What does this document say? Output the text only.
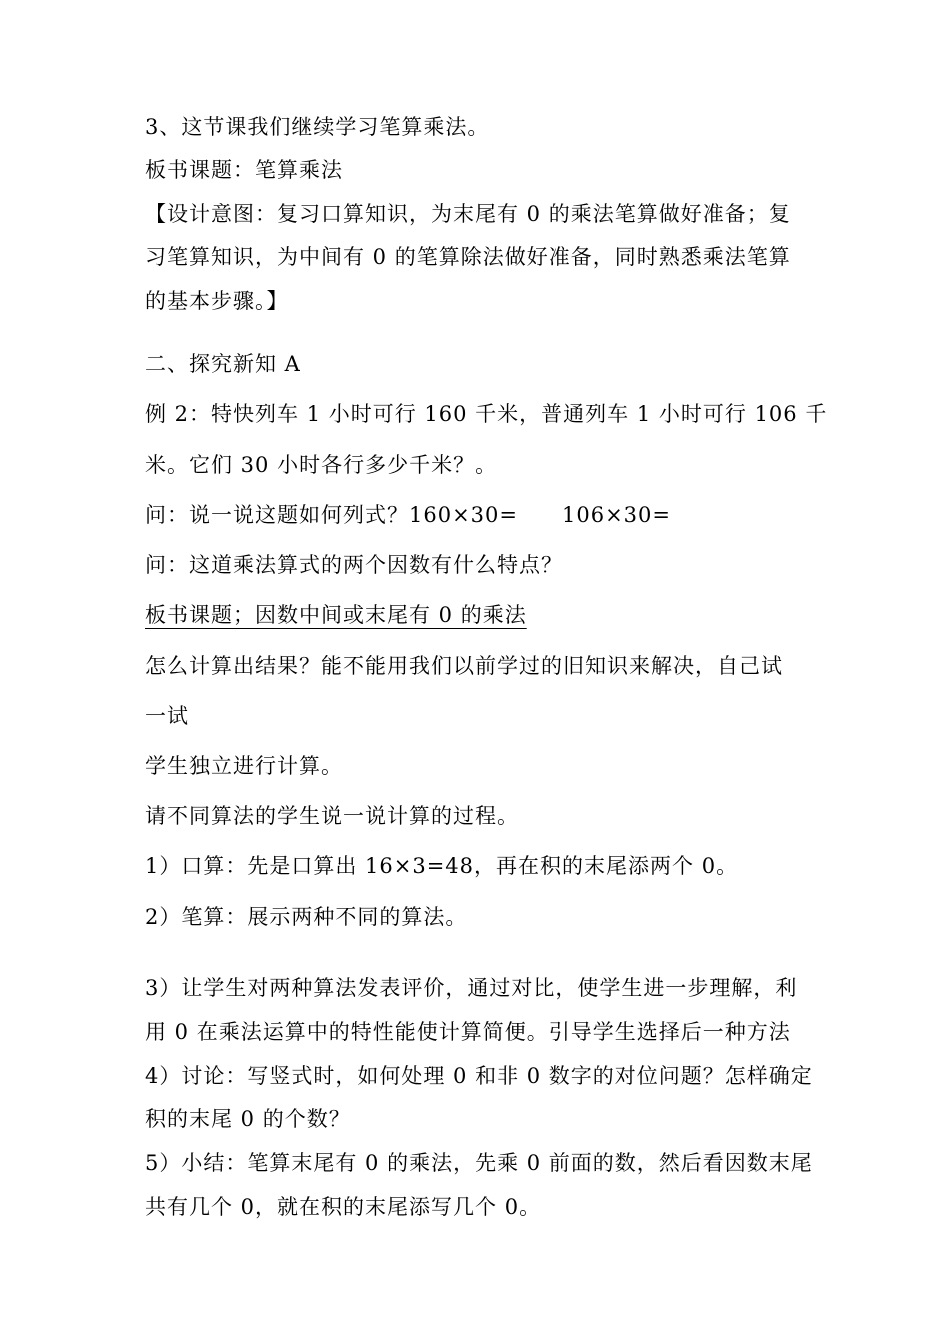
3、这节课我们继续学习笔算乘法。

板书课题：笔算乘法

【设计意图：复习口算知识，为末尾有 0 的乘法笔算做好准备；复

习笔算知识，为中间有 0 的笔算除法做好准备，同时熟悉乘法笔算

的基本步骤。】

二、探究新知 A

例 2：特快列车 1 小时可行 160 千米，普通列车 1 小时可行 106 千

米。它们 30 小时各行多少千米？。

问：说一说这题如何列式？160×30=　　106×30=

问：这道乘法算式的两个因数有什么特点？

板书课题；因数中间或末尾有 0 的乘法

怎么计算出结果？能不能用我们以前学过的旧知识来解决，自己试

一试

学生独立进行计算。

请不同算法的学生说一说计算的过程。

1）口算：先是口算出 16×3=48，再在积的末尾添两个 0。

2）笔算：展示两种不同的算法。

3）让学生对两种算法发表评价，通过对比，使学生进一步理解，利

用 0 在乘法运算中的特性能使计算简便。引导学生选择后一种方法

4）讨论：写竖式时，如何处理 0 和非 0 数字的对位问题？怎样确定

积的末尾 0 的个数？

5）小结：笔算末尾有 0 的乘法，先乘 0 前面的数，然后看因数末尾

共有几个 0，就在积的末尾添写几个 0。
